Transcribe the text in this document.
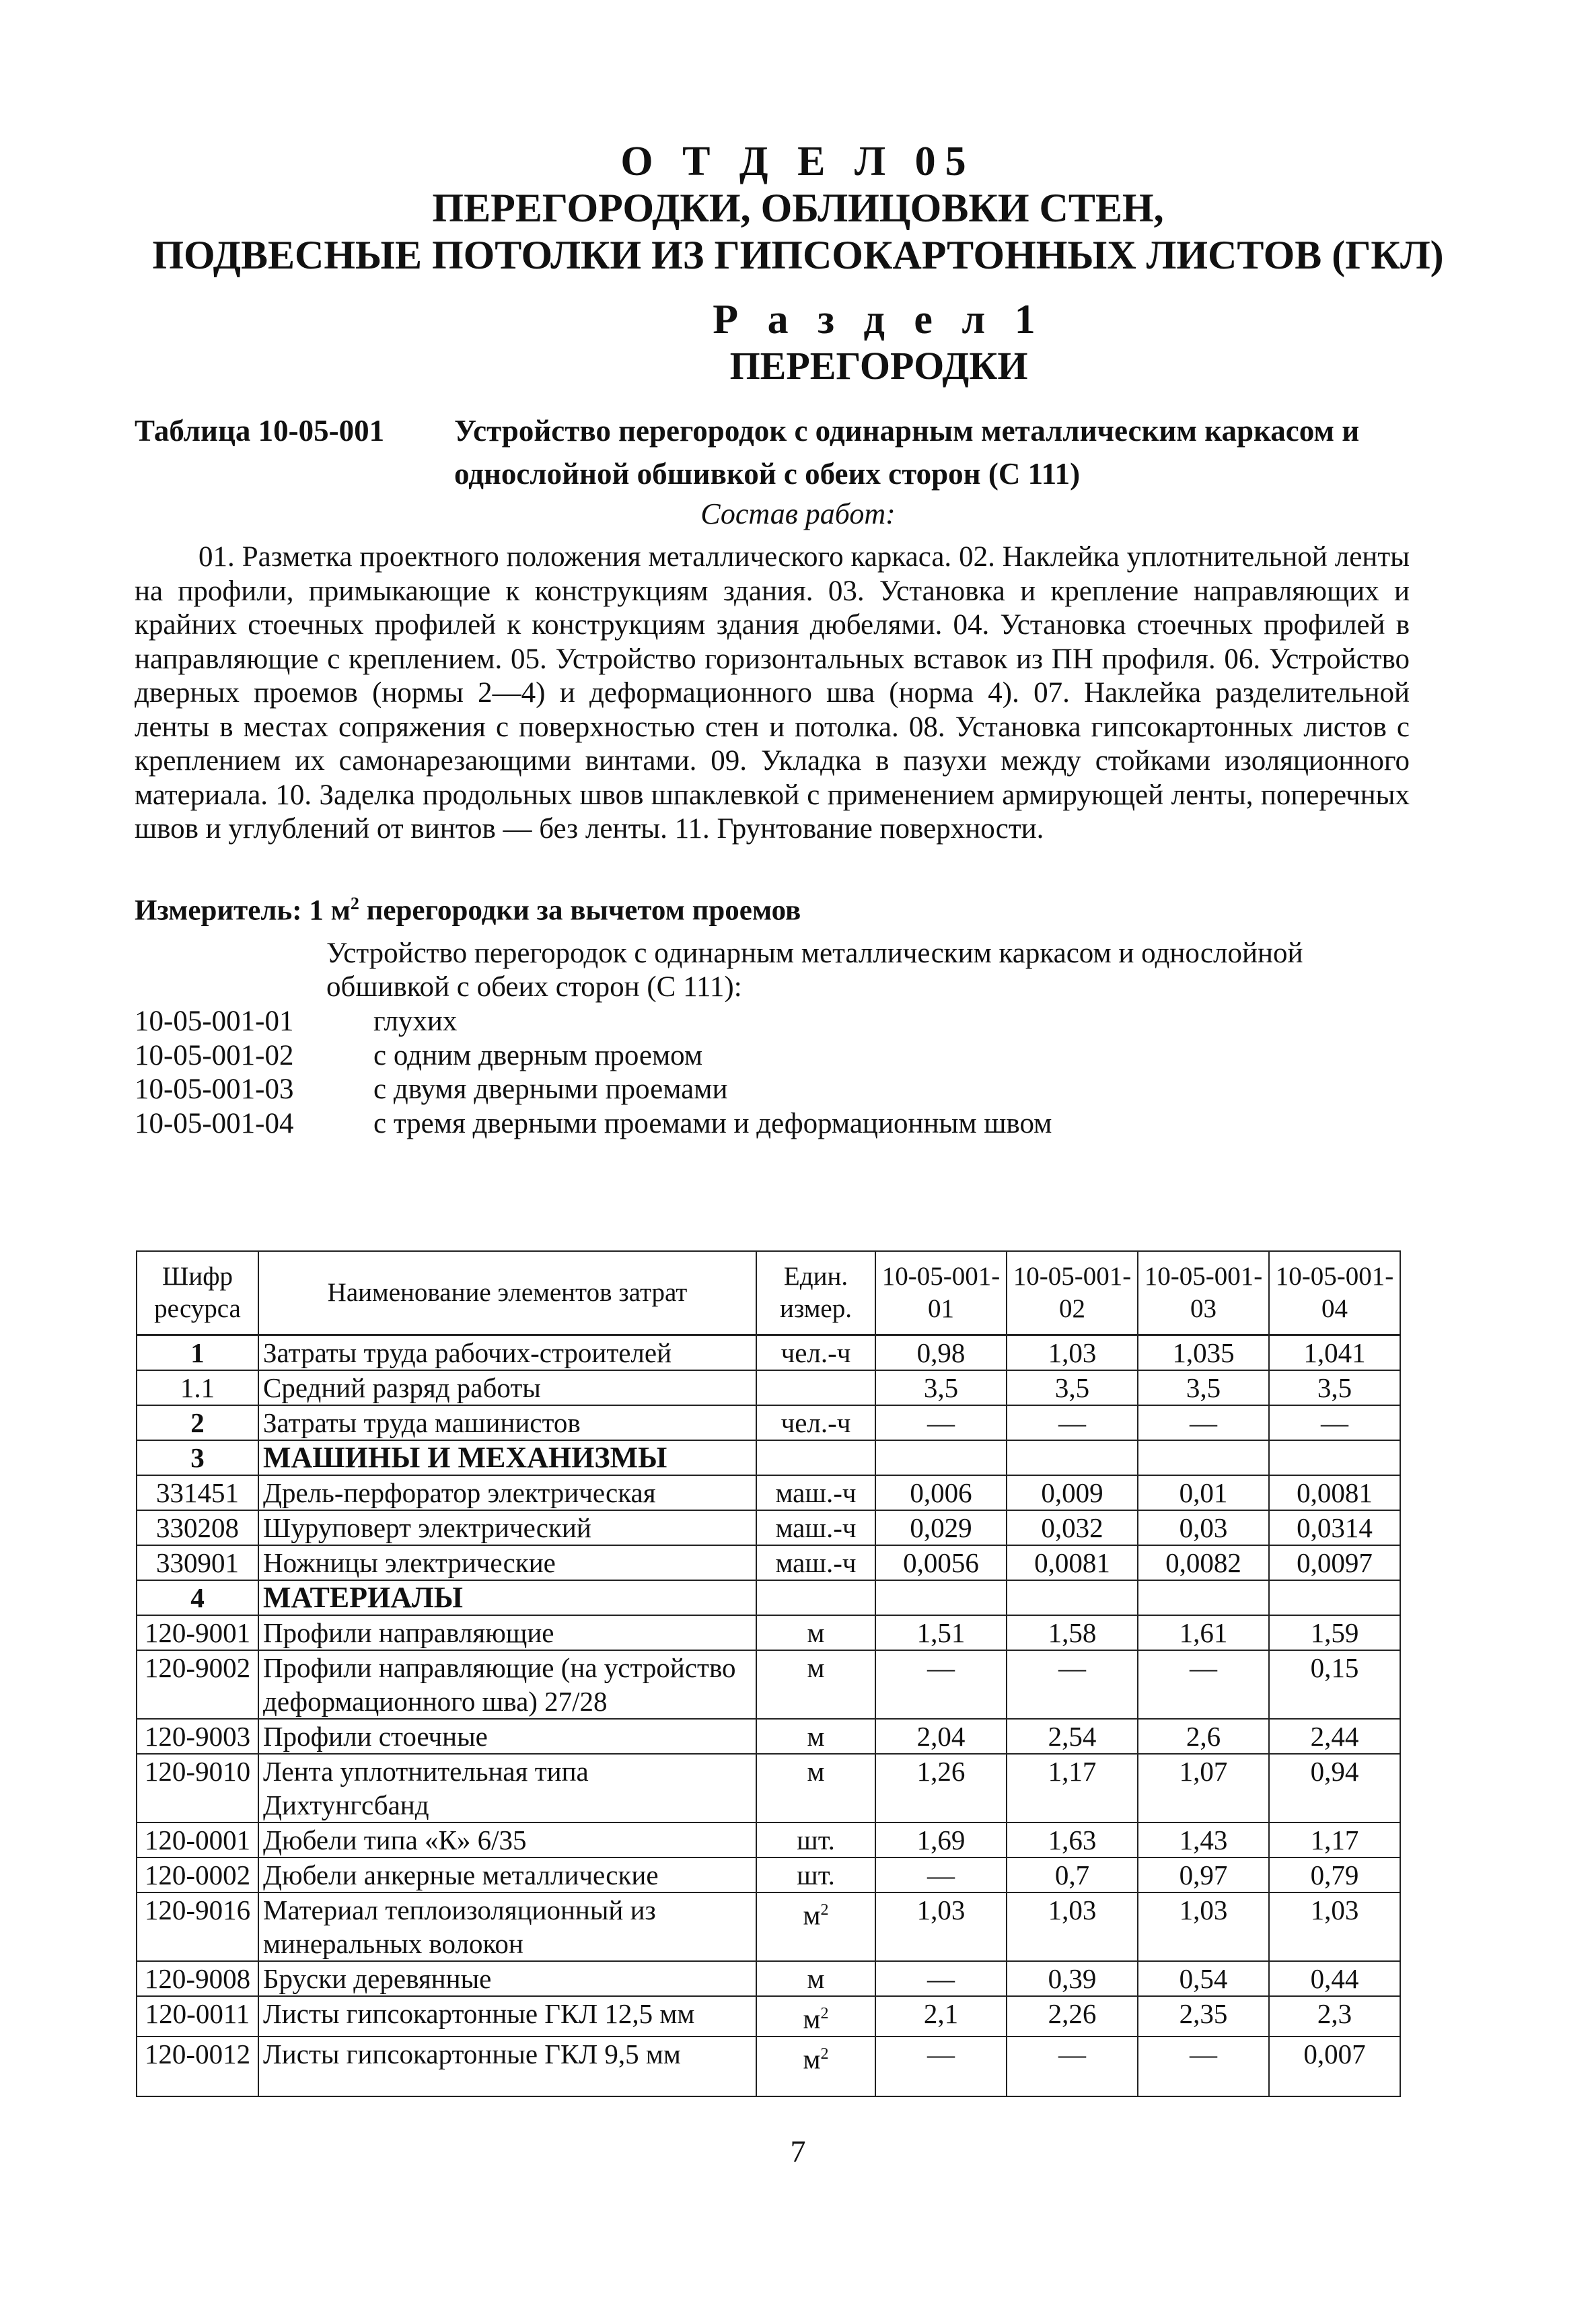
О Т Д Е Л 05
ПЕРЕГОРОДКИ, ОБЛИЦОВКИ СТЕН,
ПОДВЕСНЫЕ ПОТОЛКИ ИЗ ГИПСОКАРТОННЫХ ЛИСТОВ (ГКЛ)
Р а з д е л 1
ПЕРЕГОРОДКИ
Таблица 10-05-001 Устройство перегородок с одинарным металлическим каркасом и однослойной обшивкой с обеих сторон (С 111)
Состав работ:

01. Разметка проектного положения металлического каркаса. 02. Наклейка уплотнительной ленты на профили, примыкающие к конструкциям здания. 03. Установка и крепление направляющих и крайних стоечных профилей к конструкциям здания дюбелями. 04. Установка стоечных профилей в направляющие с креплением. 05. Устройство горизонтальных вставок из ПН профиля. 06. Устройство дверных проемов (нормы 2—4) и деформационного шва (норма 4). 07. Наклейка разделительной ленты в местах сопряжения с поверхностью стен и потолка. 08. Установка гипсокартонных листов с креплением их самонарезающими винтами. 09. Укладка в пазухи между стойками изоляционного материала. 10. Заделка продольных швов шпаклевкой с применением армирующей ленты, поперечных швов и углублений от винтов — без ленты. 11. Грунтование поверхности.

Измеритель: 1 $м^2$ перегородки за вычетом проемов
Устройство перегородок с одинарным металлическим каркасом и однослойной обшивкой с обеих сторон (С 111):
10-05-001-01	глухих
10-05-001-02	с одним дверным проемом
10-05-001-03	с двумя дверными проемами
10-05-001-04	с тремя дверными проемами и деформационным швом
Шифр ресурса	Наименование элементов затрат	Един. измер.	10-05-001-01	10-05-001-02	10-05-001-03	10-05-001-04
1	Затраты труда рабочих-строителей	чел.-ч	0,98	1,03	1,035	1,041
1.1	Средний разряд работы		3,5	3,5	3,5	3,5
2	Затраты труда машинистов	чел.-ч	—	—	—	—
3	МАШИНЫ И МЕХАНИЗМЫ					
331451	Дрель-перфоратор электрическая	маш.-ч	0,006	0,009	0,01	0,0081
330208	Шуруповерт электрический	маш.-ч	0,029	0,032	0,03	0,0314
330901	Ножницы электрические	маш.-ч	0,0056	0,0081	0,0082	0,0097
4	МАТЕРИАЛЫ					
120-9001	Профили направляющие	м	1,51	1,58	1,61	1,59
120-9002	Профили направляющие (на устройство деформационного шва) 27/28	м	—	—	—	0,15
120-9003	Профили стоечные	м	2,04	2,54	2,6	2,44
120-9010	Лента уплотнительная типа Дихтунгсбанд	м	1,26	1,17	1,07	0,94
120-0001	Дюбели типа «К» 6/35	шт.	1,69	1,63	1,43	1,17
120-0002	Дюбели анкерные металлические	шт.	—	0,7	0,97	0,79
120-9016	Материал теплоизоляционный из минеральных волокон	$м^2$	1,03	1,03	1,03	1,03
120-9008	Бруски деревянные	м	—	0,39	0,54	0,44
120-0011	Листы гипсокартонные ГКЛ 12,5 мм	$м^2$	2,1	2,26	2,35	2,3
120-0012	Листы гипсокартонные ГКЛ 9,5 мм	$м^2$	—	—	—	0,007

7
